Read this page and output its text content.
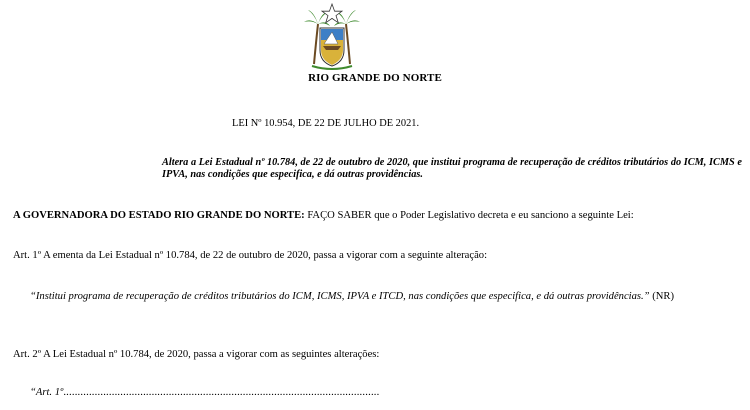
RIO GRANDE DO NORTE
LEI Nº 10.954, DE 22 DE JULHO DE 2021.
Altera a Lei Estadual nº 10.784, de 22 de outubro de 2020, que institui programa de recuperação de créditos tributários do ICM, ICMS e IPVA, nas condições que especifica, e dá outras providências.
A GOVERNADORA DO ESTADO RIO GRANDE DO NORTE: FAÇO SABER que o Poder Legislativo decreta e eu sanciono a seguinte Lei:
Art. 1º A ementa da Lei Estadual nº 10.784, de 22 de outubro de 2020, passa a vigorar com a seguinte alteração:
“Institui programa de recuperação de créditos tributários do ICM, ICMS, IPVA e ITCD, nas condições que especifica, e dá outras providências.” (NR)
Art. 2º A Lei Estadual nº 10.784, de 2020, passa a vigorar com as seguintes alterações:
“Art. 1º...............................................................................................................
